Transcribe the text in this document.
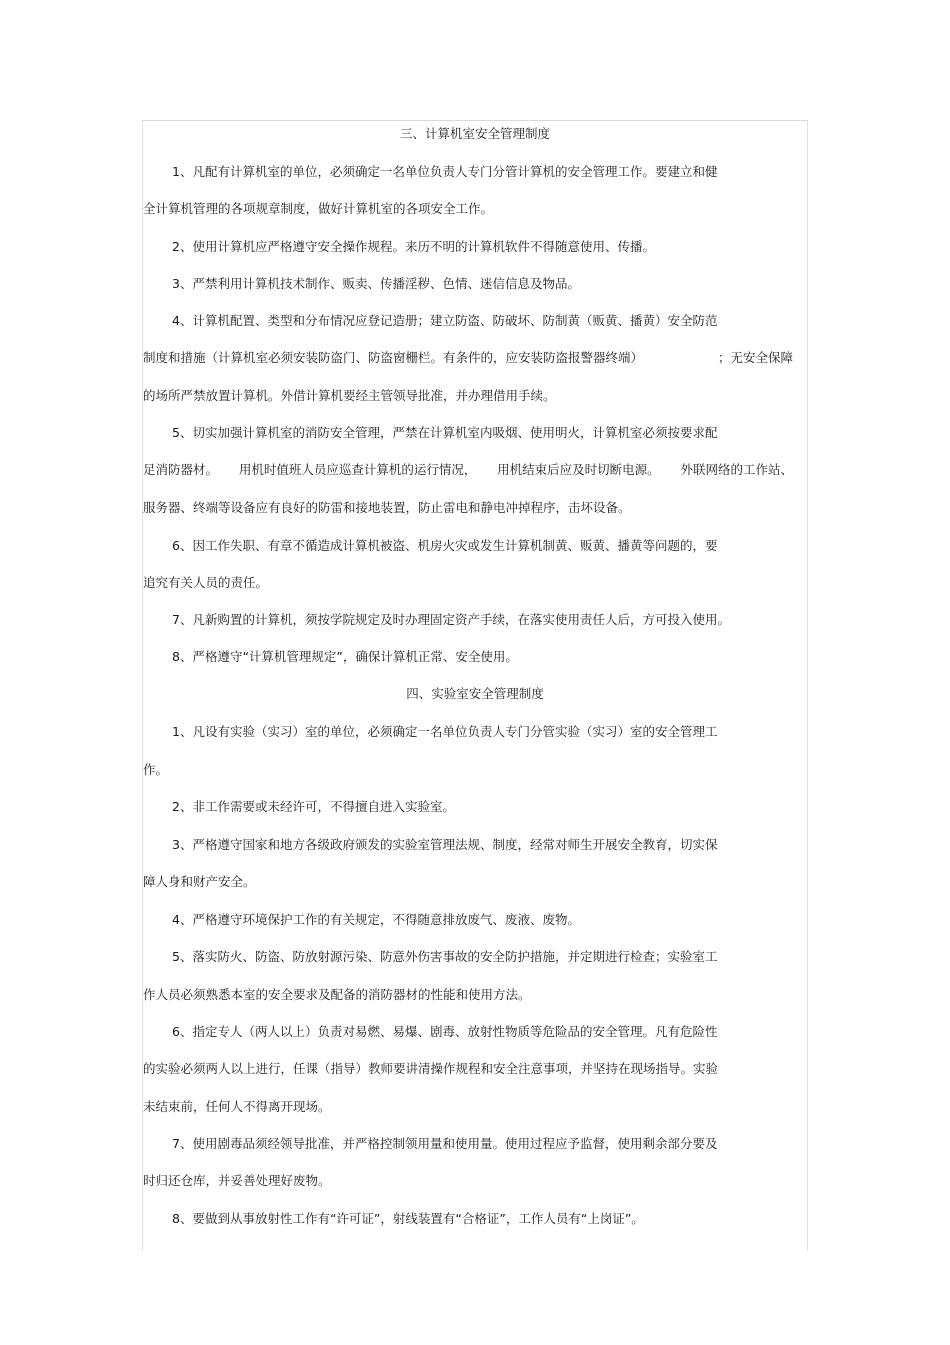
三、计算机室安全管理制度
1、凡配有计算机室的单位，必须确定一名单位负责人专门分管计算机的安全管理工作。要建立和健
全计算机管理的各项规章制度，做好计算机室的各项安全工作。
2、使用计算机应严格遵守安全操作规程。来历不明的计算机软件不得随意使用、传播。
3、严禁利用计算机技术制作、贩卖、传播淫秽、色情、迷信信息及物品。
4、计算机配置、类型和分布情况应登记造册；建立防盗、防破坏、防制黄（贩黄、播黄）安全防范
制度和措施（计算机室必须安装防盗门、防盗窗栅栏。有条件的，应安装防盗报警器终端）	；无安全保障
的场所严禁放置计算机。外借计算机要经主管领导批准，并办理借用手续。
5、切实加强计算机室的消防安全管理，严禁在计算机室内吸烟、使用明火，计算机室必须按要求配
足消防器材。 用机时值班人员应巡查计算机的运行情况， 用机结束后应及时切断电源。 外联网络的工作站、
服务器、终端等设备应有良好的防雷和接地装置，防止雷电和静电冲掉程序，击坏设备。
6、因工作失职、有章不循造成计算机被盗、机房火灾或发生计算机制黄、贩黄、播黄等问题的，要
追究有关人员的责任。
7、凡新购置的计算机，须按学院规定及时办理固定资产手续，在落实使用责任人后，方可投入使用。
8、严格遵守“计算机管理规定”，确保计算机正常、安全使用。
四、实验室安全管理制度
1、凡设有实验（实习）室的单位，必须确定一名单位负责人专门分管实验（实习）室的安全管理工
作。
2、非工作需要或未经许可，不得擅自进入实验室。
3、严格遵守国家和地方各级政府颁发的实验室管理法规、制度，经常对师生开展安全教育，切实保
障人身和财产安全。
4、严格遵守环境保护工作的有关规定，不得随意排放废气、废液、废物。
5、落实防火、防盗、防放射源污染、防意外伤害事故的安全防护措施，并定期进行检查；实验室工
作人员必须熟悉本室的安全要求及配备的消防器材的性能和使用方法。
6、指定专人（两人以上）负责对易燃、易爆、剧毒、放射性物质等危险品的安全管理。凡有危险性
的实验必须两人以上进行，任课（指导）教师要讲清操作规程和安全注意事项，并坚持在现场指导。实验
未结束前，任何人不得离开现场。
7、使用剧毒品须经领导批准，并严格控制领用量和使用量。使用过程应予监督，使用剩余部分要及
时归还仓库，并妥善处理好废物。
8、要做到从事放射性工作有“许可证”，射线装置有“合格证”，工作人员有“上岗证”。
